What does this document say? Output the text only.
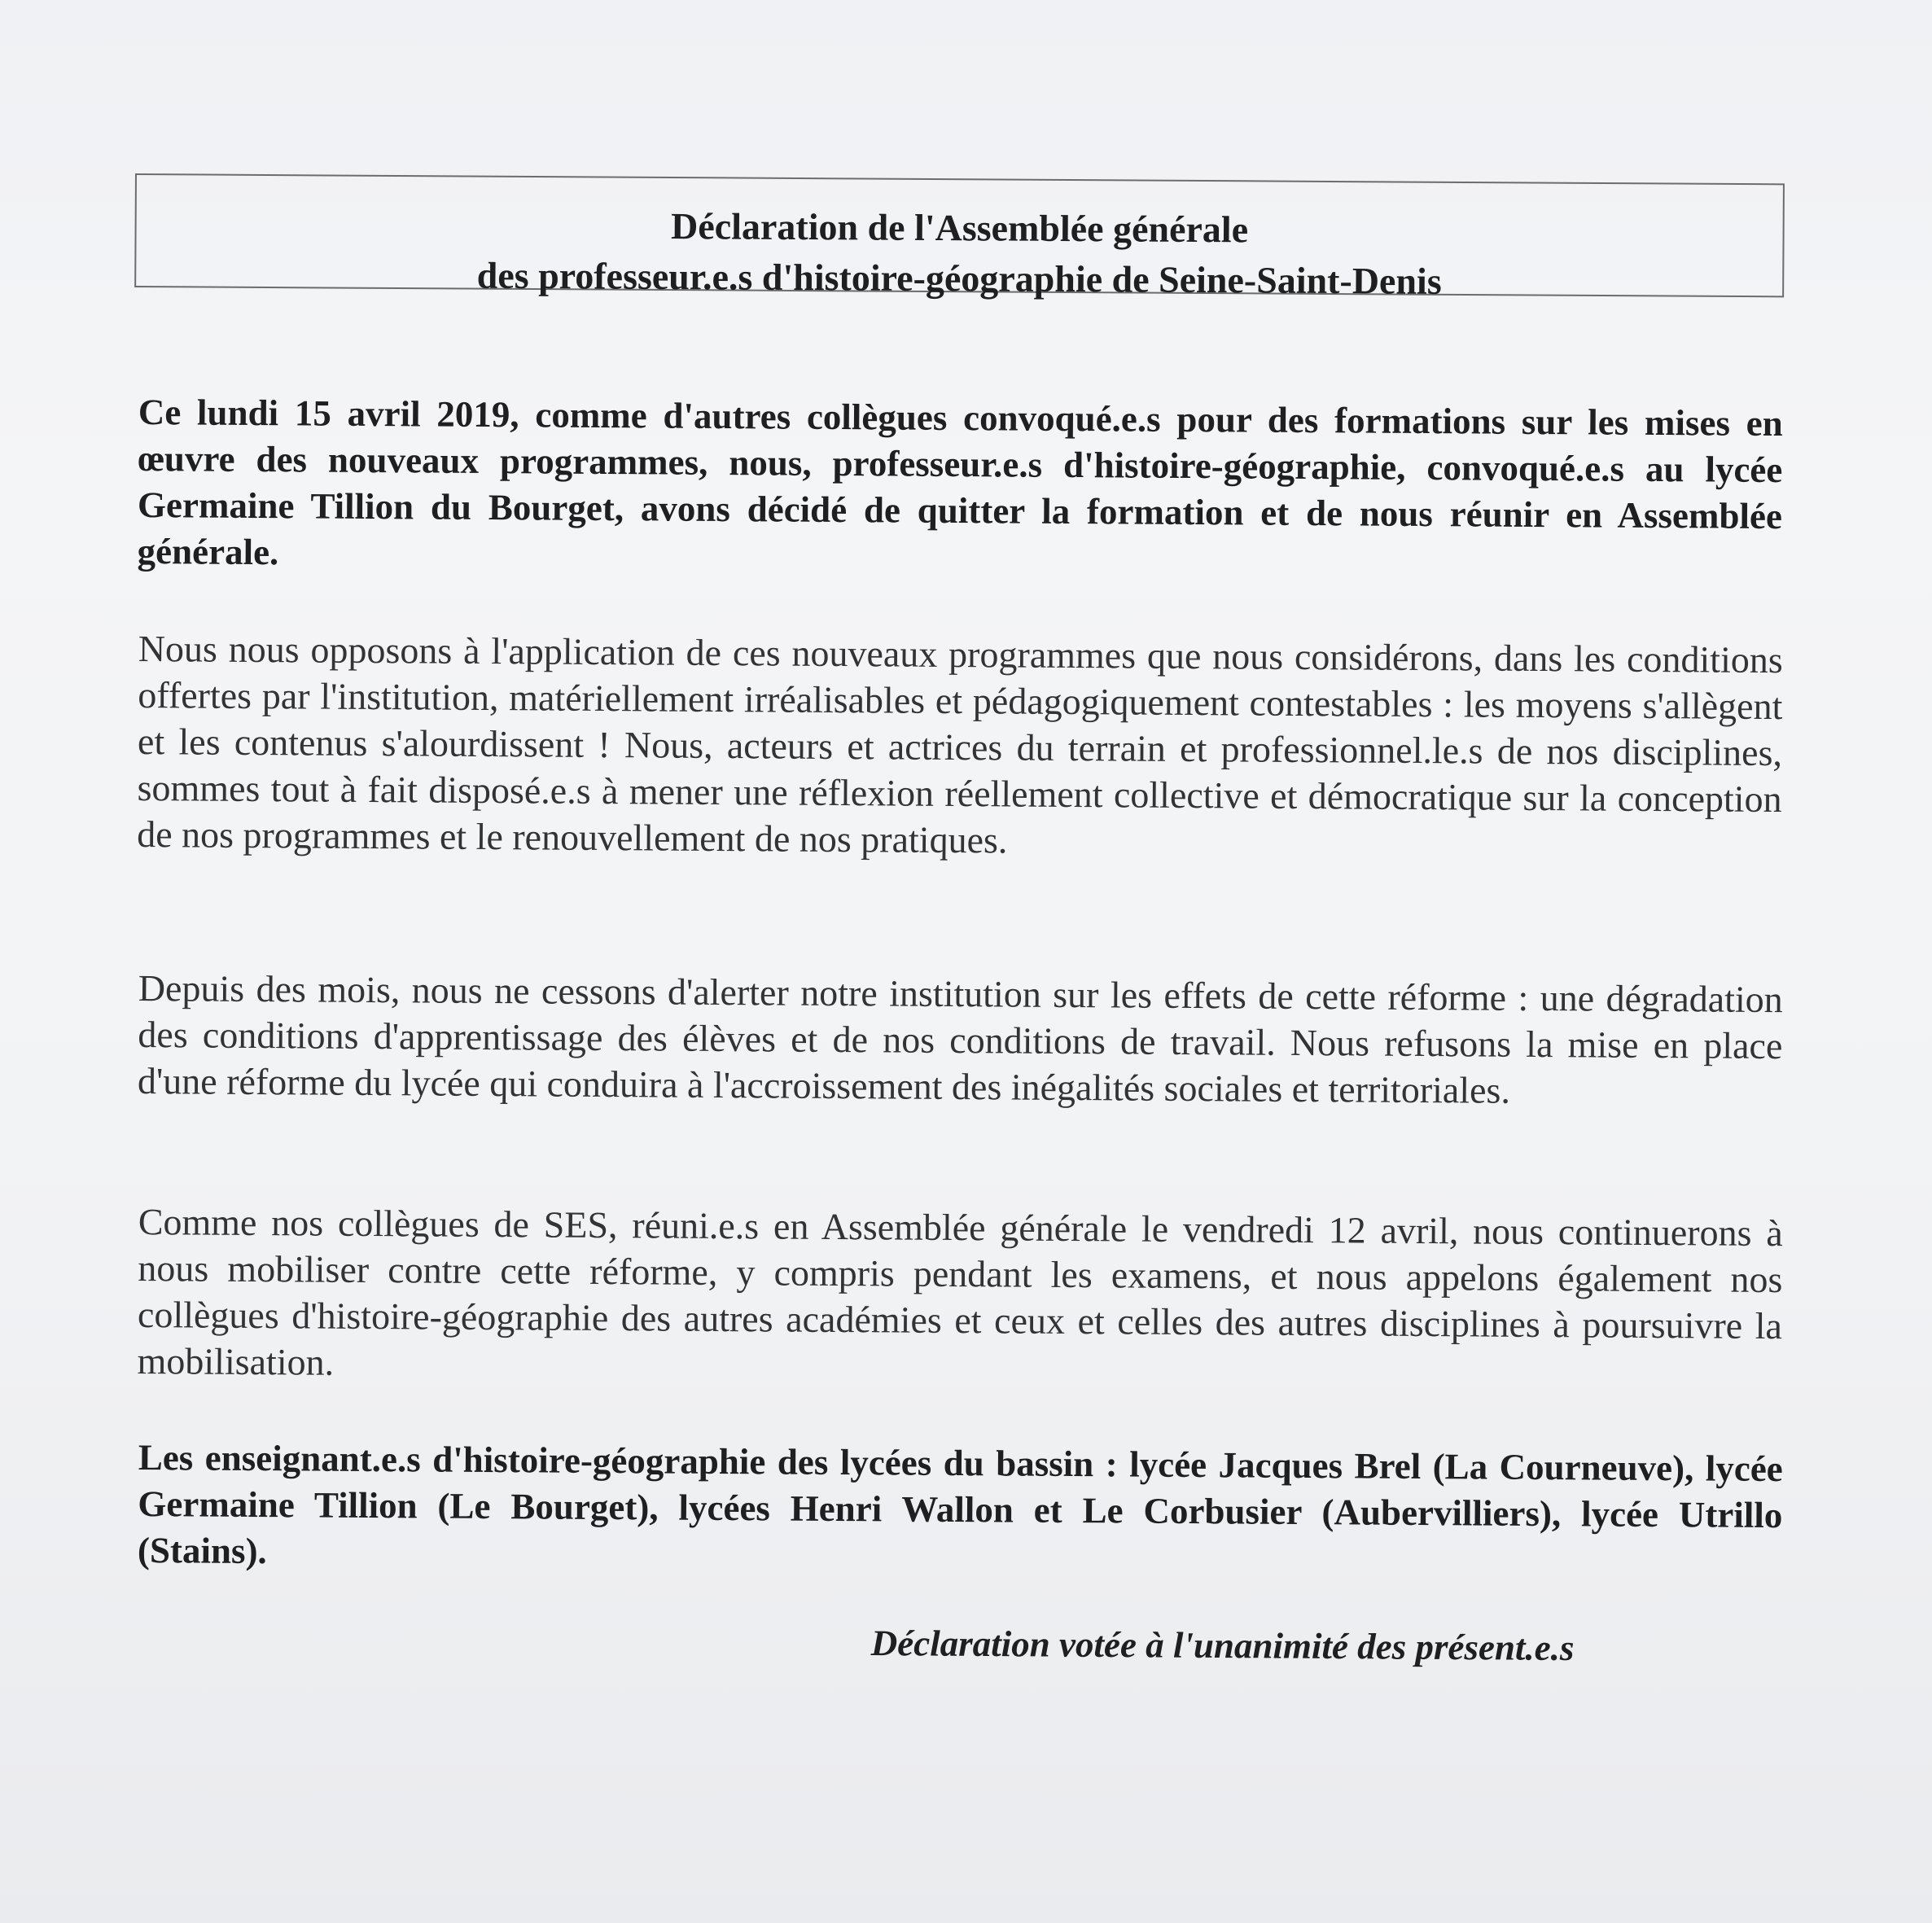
Déclaration de l'Assemblée générale
des professeur.e.s d'histoire-géographie de Seine-Saint-Denis

Ce lundi 15 avril 2019, comme d'autres collègues convoqué.e.s pour des formations sur les mises en œuvre des nouveaux programmes, nous, professeur.e.s d'histoire-géographie, convoqué.e.s au lycée Germaine Tillion du Bourget, avons décidé de quitter la formation et de nous réunir en Assemblée générale.

Nous nous opposons à l'application de ces nouveaux programmes que nous considérons, dans les conditions offertes par l'institution, matériellement irréalisables et pédagogiquement contestables : les moyens s'allègent et les contenus s'alourdissent ! Nous, acteurs et actrices du terrain et professionnel.le.s de nos disciplines, sommes tout à fait disposé.e.s à mener une réflexion réellement collective et démocratique sur la conception de nos programmes et le renouvellement de nos pratiques.

Depuis des mois, nous ne cessons d'alerter notre institution sur les effets de cette réforme : une dégradation des conditions d'apprentissage des élèves et de nos conditions de travail. Nous refusons la mise en place d'une réforme du lycée qui conduira à l'accroissement des inégalités sociales et territoriales.

Comme nos collègues de SES, réuni.e.s en Assemblée générale le vendredi 12 avril, nous continuerons à nous mobiliser contre cette réforme, y compris pendant les examens, et nous appelons également nos collègues d'histoire-géographie des autres académies et ceux et celles des autres disciplines à poursuivre la mobilisation.

Les enseignant.e.s d'histoire-géographie des lycées du bassin : lycée Jacques Brel (La Courneuve), lycée Germaine Tillion (Le Bourget), lycées Henri Wallon et Le Corbusier (Aubervilliers), lycée Utrillo (Stains).

Déclaration votée à l'unanimité des présent.e.s
